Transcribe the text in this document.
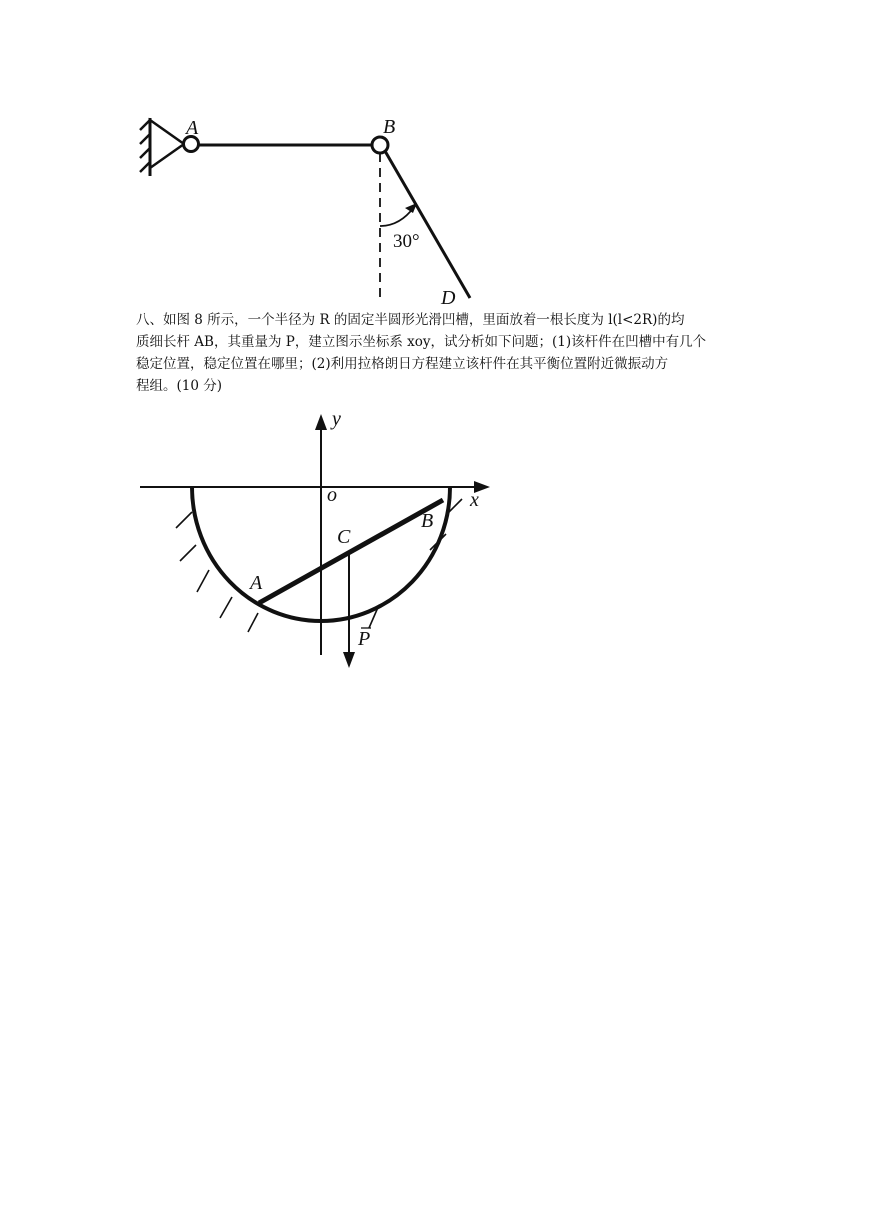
A	B
D
30°

八、如图 8 所示，一个半径为 R 的固定半圆形光滑凹槽，里面放着一根长度为 l(l<2R)的均
质细长杆 AB，其重量为 P，建立图示坐标系 xoy，试分析如下问题；(1)该杆件在凹槽中有几个
稳定位置，稳定位置在哪里；(2)利用拉格朗日方程建立该杆件在其平衡位置附近微振动方
程组。(10 分)

y
o	x
B
C
A
P
